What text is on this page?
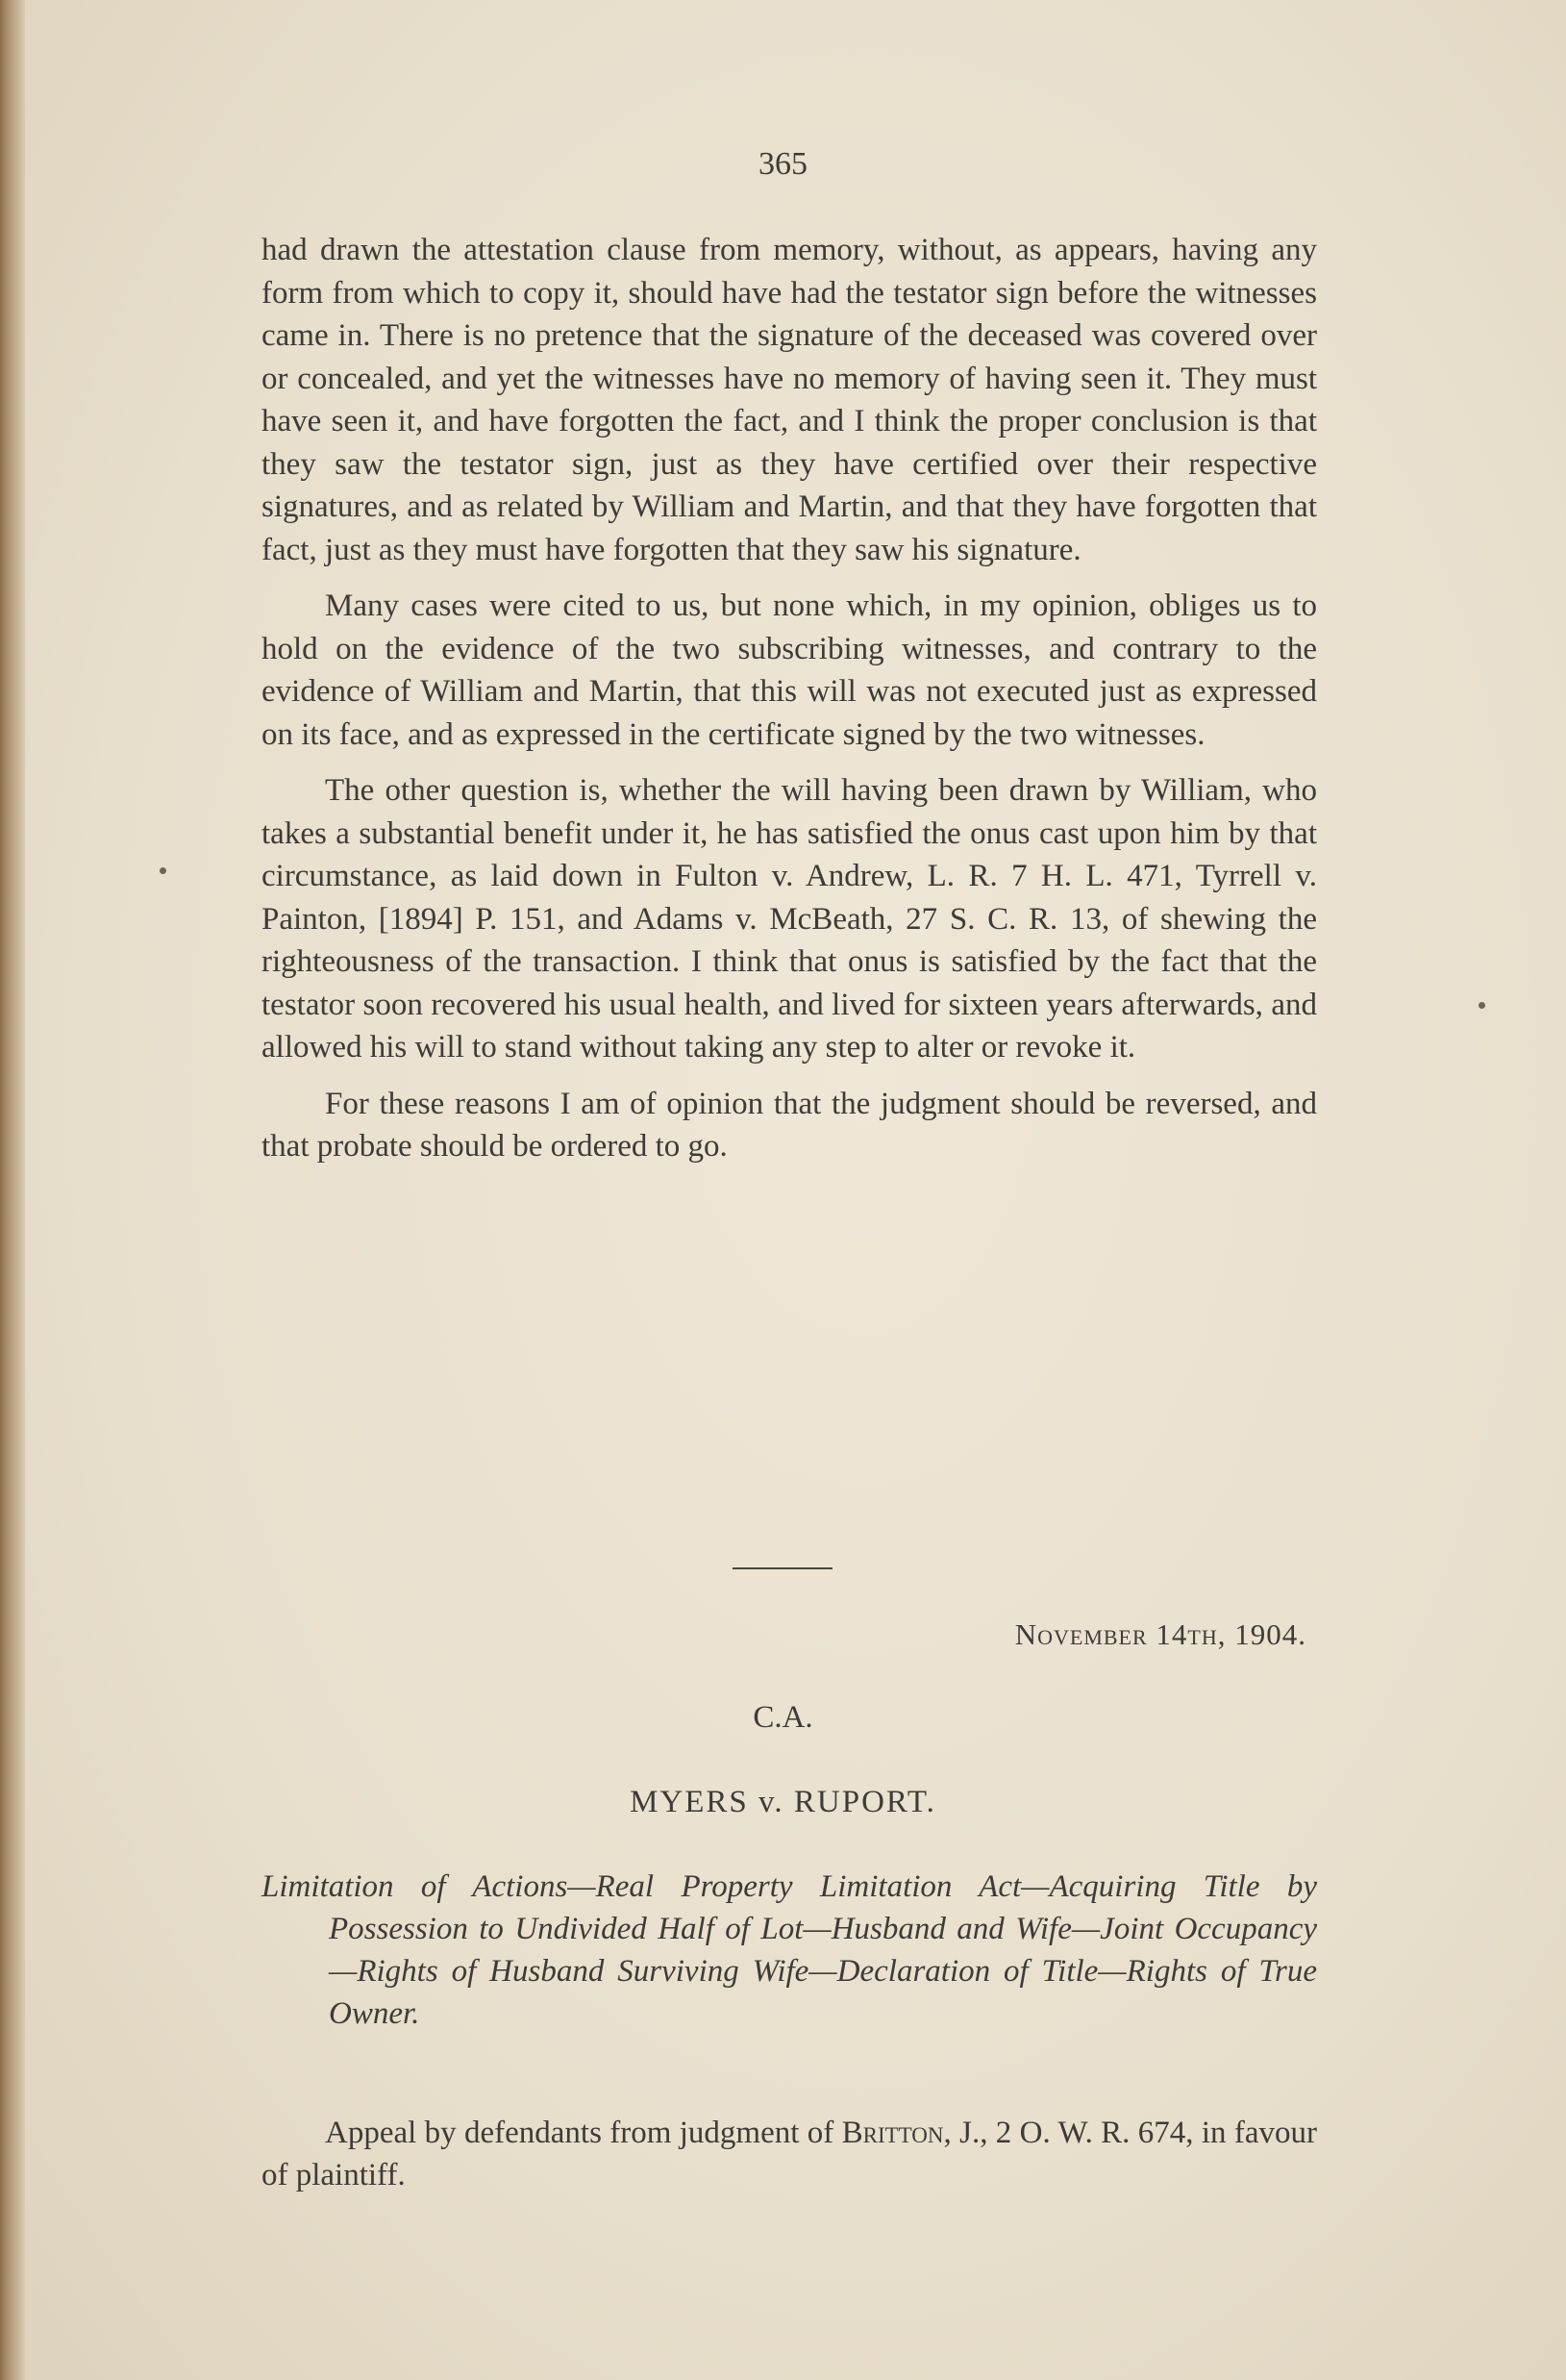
365

had drawn the attestation clause from memory, without, as appears, having any form from which to copy it, should have had the testator sign before the witnesses came in. There is no pretence that the signature of the deceased was covered over or concealed, and yet the witnesses have no memory of having seen it. They must have seen it, and have forgotten the fact, and I think the proper conclusion is that they saw the testator sign, just as they have certified over their respective signatures, and as related by William and Martin, and that they have forgotten that fact, just as they must have forgotten that they saw his signature.

Many cases were cited to us, but none which, in my opinion, obliges us to hold on the evidence of the two subscribing witnesses, and contrary to the evidence of William and Martin, that this will was not executed just as expressed on its face, and as expressed in the certificate signed by the two witnesses.

The other question is, whether the will having been drawn by William, who takes a substantial benefit under it, he has satisfied the onus cast upon him by that circumstance, as laid down in Fulton v. Andrew, L. R. 7 H. L. 471, Tyrrell v. Painton, [1894] P. 151, and Adams v. McBeath, 27 S. C. R. 13, of shewing the righteousness of the transaction. I think that onus is satisfied by the fact that the testator soon recovered his usual health, and lived for sixteen years afterwards, and allowed his will to stand without taking any step to alter or revoke it.

For these reasons I am of opinion that the judgment should be reversed, and that probate should be ordered to go.

November 14th, 1904.
C.A.
MYERS v. RUPORT.
Limitation of Actions—Real Property Limitation Act—Acquiring Title by Possession to Undivided Half of Lot—Husband and Wife—Joint Occupancy—Rights of Husband Surviving Wife—Declaration of Title—Rights of True Owner.
Appeal by defendants from judgment of Britton, J., 2 O. W. R. 674, in favour of plaintiff.
